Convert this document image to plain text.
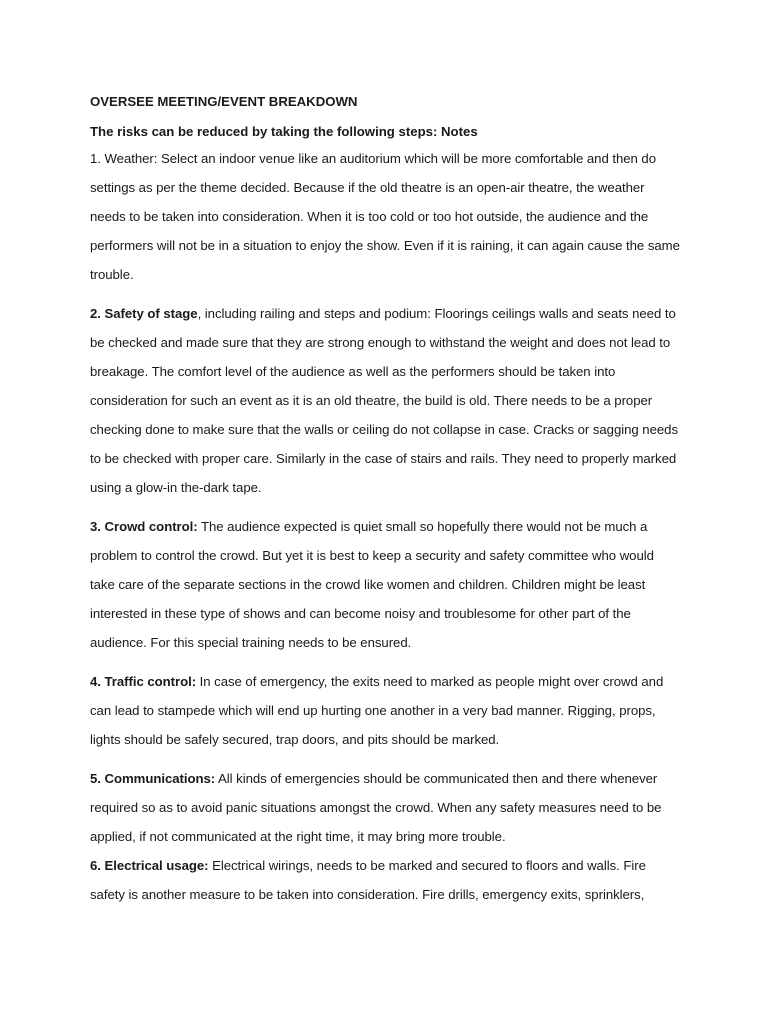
OVERSEE MEETING/EVENT BREAKDOWN

The risks can be reduced by taking the following steps: Notes

1. Weather: Select an indoor venue like an auditorium which will be more comfortable and then do settings as per the theme decided. Because if the old theatre is an open-air theatre, the weather needs to be taken into consideration. When it is too cold or too hot outside, the audience and the performers will not be in a situation to enjoy the show. Even if it is raining, it can again cause the same trouble.

2. Safety of stage, including railing and steps and podium: Floorings ceilings walls and seats need to be checked and made sure that they are strong enough to withstand the weight and does not lead to breakage. The comfort level of the audience as well as the performers should be taken into consideration for such an event as it is an old theatre, the build is old. There needs to be a proper checking done to make sure that the walls or ceiling do not collapse in case. Cracks or sagging needs to be checked with proper care. Similarly in the case of stairs and rails. They need to properly marked using a glow-in the-dark tape.

3. Crowd control: The audience expected is quiet small so hopefully there would not be much a problem to control the crowd. But yet it is best to keep a security and safety committee who would take care of the separate sections in the crowd like women and children. Children might be least interested in these type of shows and can become noisy and troublesome for other part of the audience. For this special training needs to be ensured.

4. Traffic control: In case of emergency, the exits need to marked as people might over crowd and can lead to stampede which will end up hurting one another in a very bad manner. Rigging, props, lights should be safely secured, trap doors, and pits should be marked.

5. Communications: All kinds of emergencies should be communicated then and there whenever required so as to avoid panic situations amongst the crowd. When any safety measures need to be applied, if not communicated at the right time, it may bring more trouble.

6. Electrical usage: Electrical wirings, needs to be marked and secured to floors and walls. Fire safety is another measure to be taken into consideration. Fire drills, emergency exits, sprinklers,
